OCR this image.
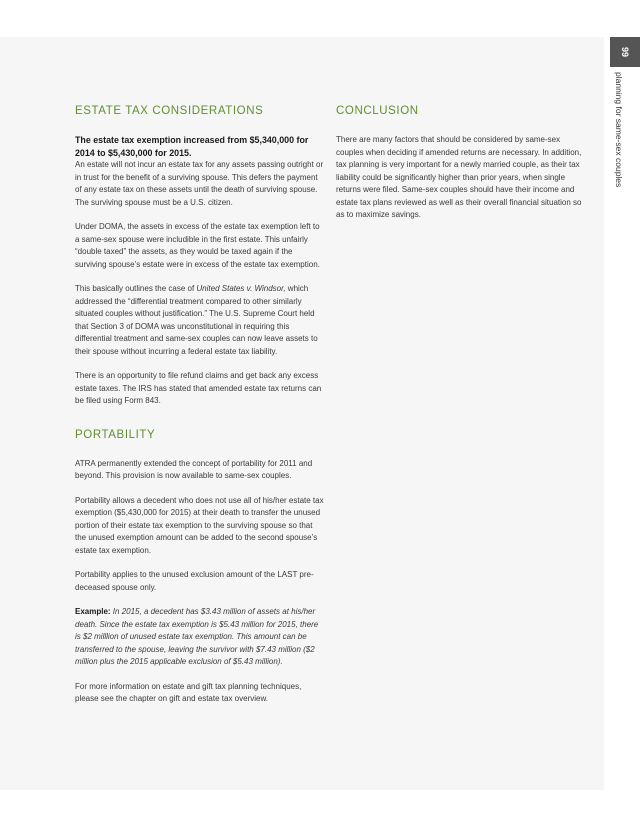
99
planning for same-sex couples
ESTATE TAX CONSIDERATIONS

The estate tax exemption increased from $5,340,000 for 2014 to $5,430,000 for 2015.

An estate will not incur an estate tax for any assets passing outright or in trust for the benefit of a surviving spouse. This defers the payment of any estate tax on these assets until the death of surviving spouse. The surviving spouse must be a U.S. citizen.

Under DOMA, the assets in excess of the estate tax exemption left to a same-sex spouse were includible in the first estate. This unfairly “double taxed” the assets, as they would be taxed again if the surviving spouse’s estate were in excess of the estate tax exemption.

This basically outlines the case of United States v. Windsor, which addressed the “differential treatment compared to other similarly situated couples without justification.” The U.S. Supreme Court held that Section 3 of DOMA was unconstitutional in requiring this differential treatment and same-sex couples can now leave assets to their spouse without incurring a federal estate tax liability.

There is an opportunity to file refund claims and get back any excess estate taxes. The IRS has stated that amended estate tax returns can be filed using Form 843.

PORTABILITY

ATRA permanently extended the concept of portability for 2011 and beyond. This provision is now available to same-sex couples.

Portability allows a decedent who does not use all of his/her estate tax exemption ($5,430,000 for 2015) at their death to transfer the unused portion of their estate tax exemption to the surviving spouse so that the unused exemption amount can be added to the second spouse’s estate tax exemption.

Portability applies to the unused exclusion amount of the LAST pre-deceased spouse only.

Example: In 2015, a decedent has $3.43 million of assets at his/her death. Since the estate tax exemption is $5.43 million for 2015, there is $2 milllion of unused estate tax exemption. This amount can be transferred to the spouse, leaving the survivor with $7.43 million ($2 million plus the 2015 applicable exclusion of $5.43 million).

For more information on estate and gift tax planning techniques, please see the chapter on gift and estate tax overview.

CONCLUSION

There are many factors that should be considered by same-sex couples when deciding if amended returns are necessary. In addition, tax planning is very important for a newly married couple, as their tax liability could be significantly higher than prior years, when single returns were filed. Same-sex couples should have their income and estate tax plans reviewed as well as their overall financial situation so as to maximize savings.
